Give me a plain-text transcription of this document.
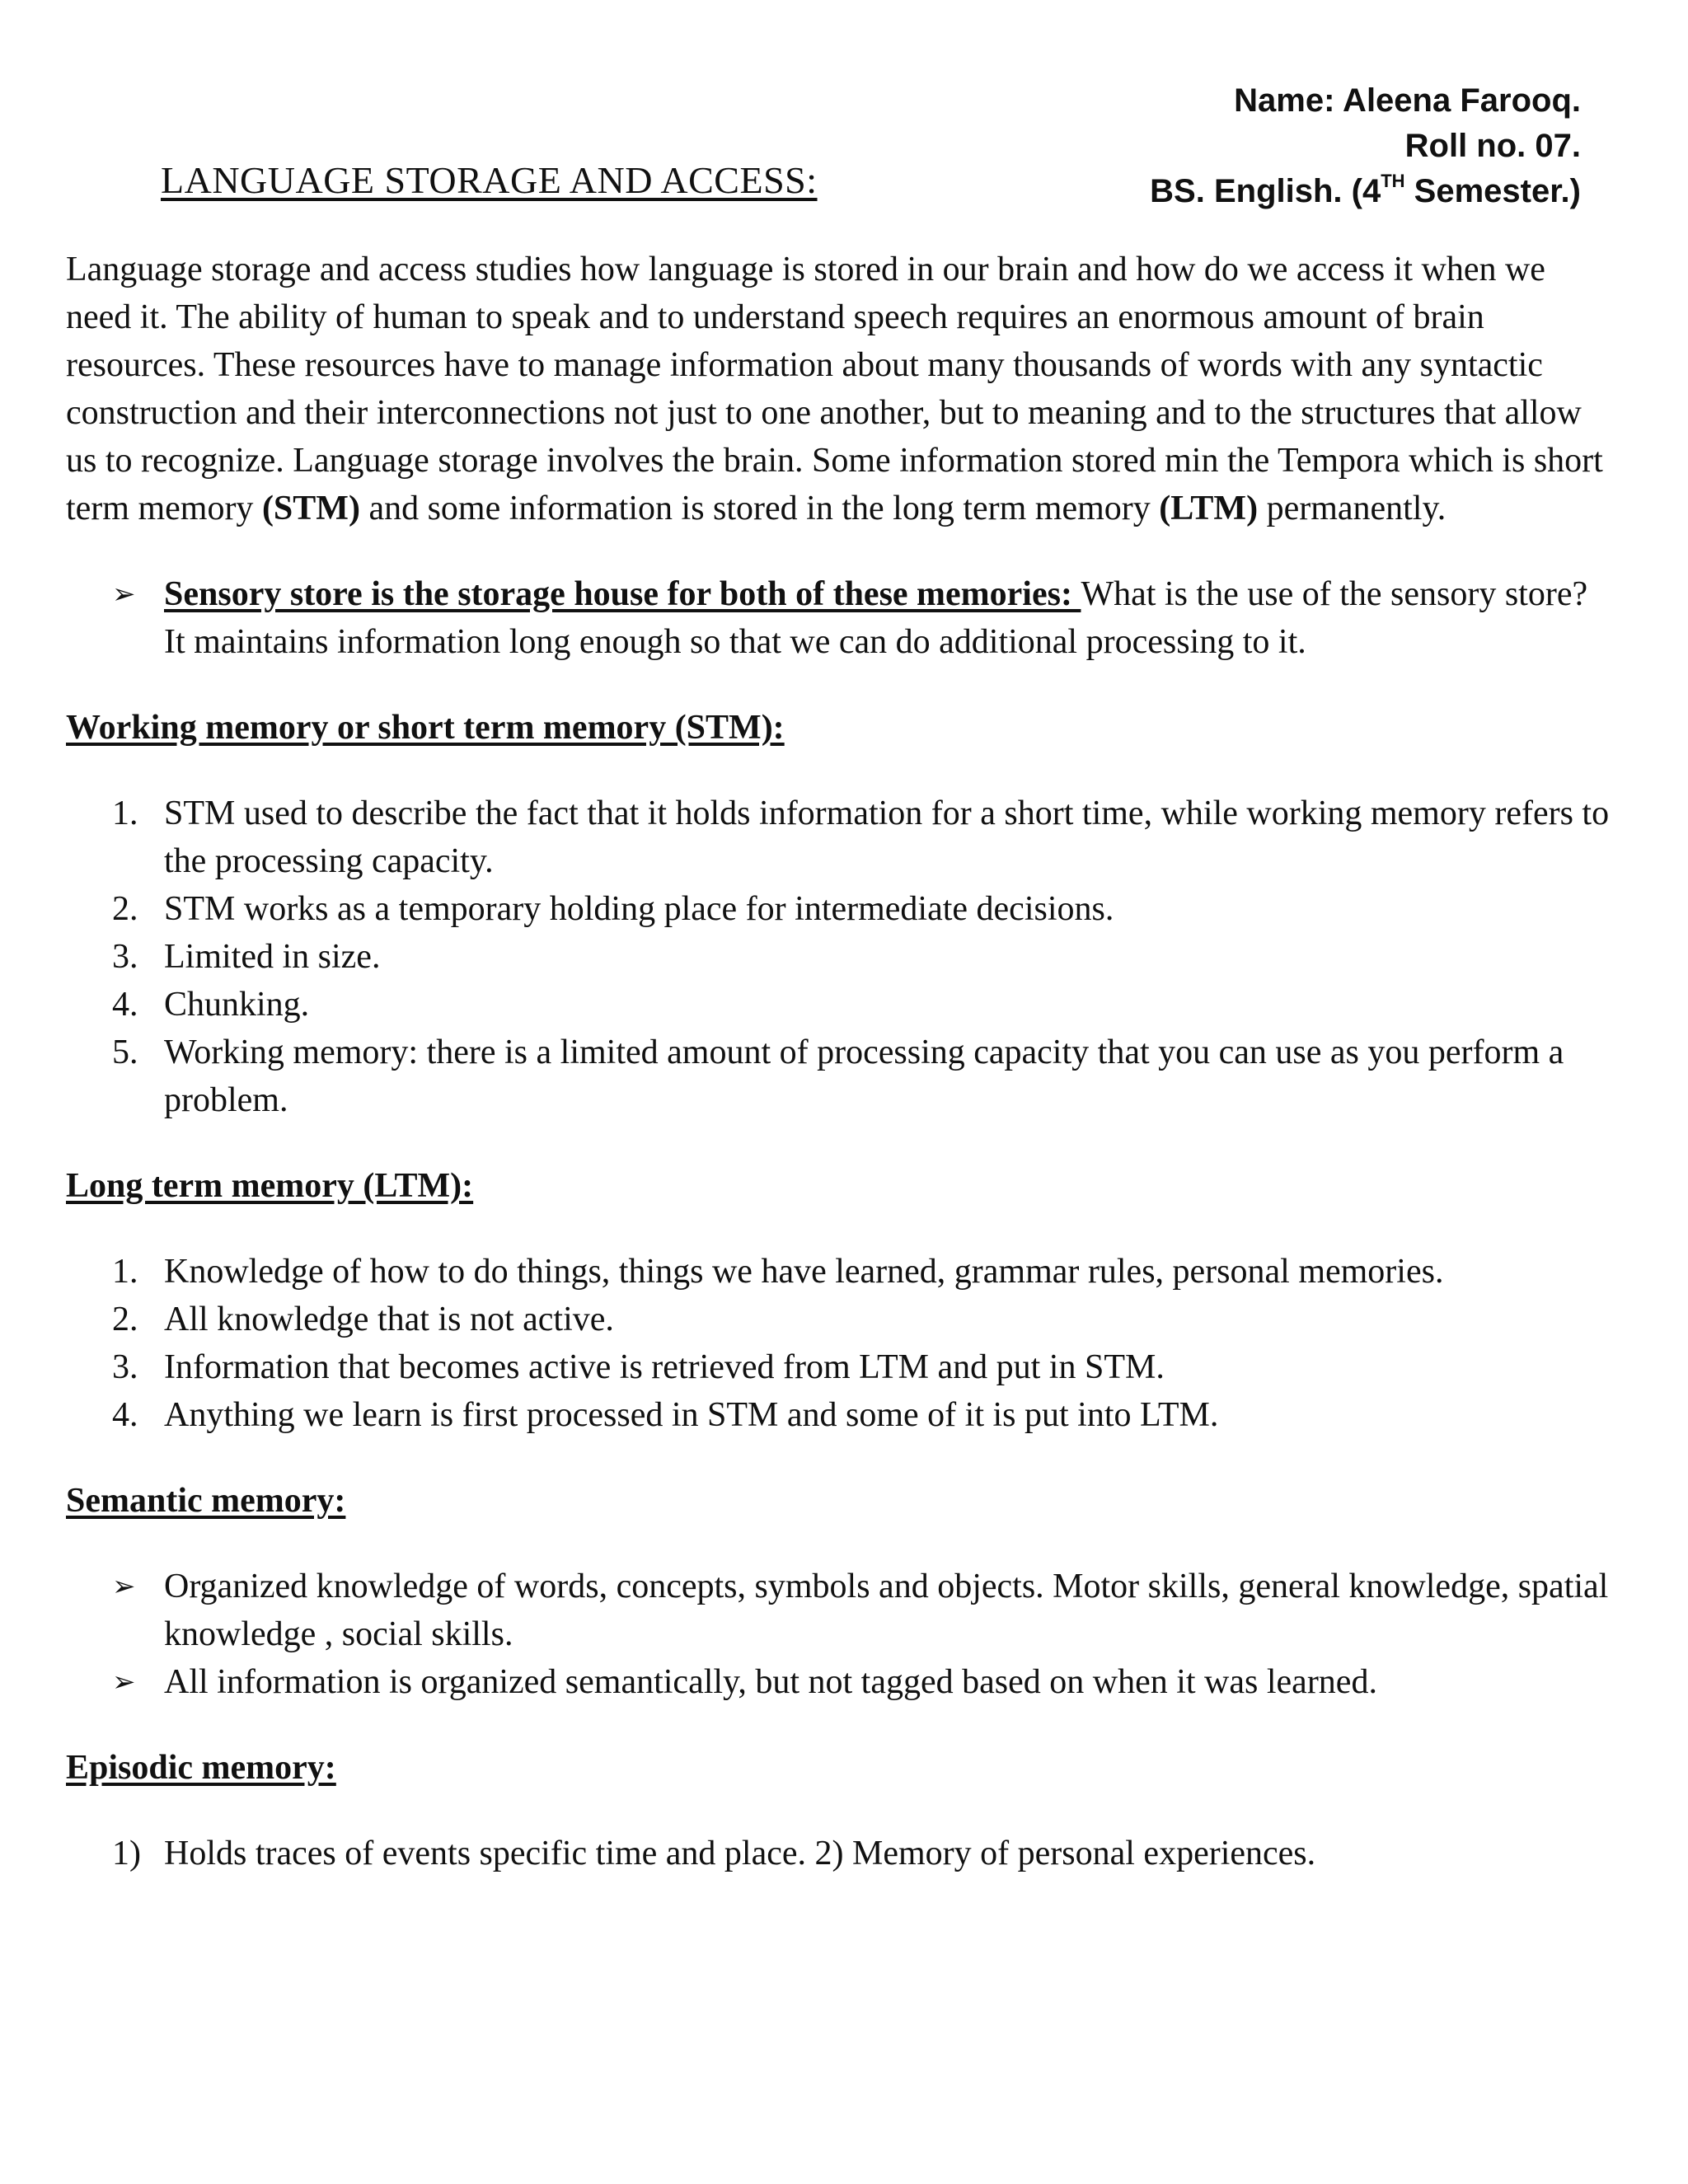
Name: Aleena Farooq.
Roll no. 07.
BS. English. (4TH Semester.)
LANGUAGE STORAGE AND ACCESS:

Language storage and access studies how language is stored in our brain and how do we access it when we need it. The ability of human to speak and to understand speech requires an enormous amount of brain resources. These resources have to manage information about many thousands of words with any syntactic construction and their interconnections not just to one another, but to meaning and to the structures that allow us to recognize. Language storage involves the brain. Some information stored min the Tempora which is short term memory (STM) and some information is stored in the long term memory (LTM) permanently.

➢ Sensory store is the storage house for both of these memories: What is the use of the sensory store? It maintains information long enough so that we can do additional processing to it.
Working memory or short term memory (STM):
1. STM used to describe the fact that it holds information for a short time, while working memory refers to the processing capacity.
2. STM works as a temporary holding place for intermediate decisions.
3. Limited in size.
4. Chunking.
5. Working memory: there is a limited amount of processing capacity that you can use as you perform a problem.
Long term memory (LTM):
1. Knowledge of how to do things, things we have learned, grammar rules, personal memories.
2. All knowledge that is not active.
3. Information that becomes active is retrieved from LTM and put in STM.
4. Anything we learn is first processed in STM and some of it is put into LTM.
Semantic memory:
➢ Organized knowledge of words, concepts, symbols and objects. Motor skills, general knowledge, spatial knowledge , social skills.
➢ All information is organized semantically, but not tagged based on when it was learned.
Episodic memory:
1) Holds traces of events specific time and place. 2) Memory of personal experiences.
